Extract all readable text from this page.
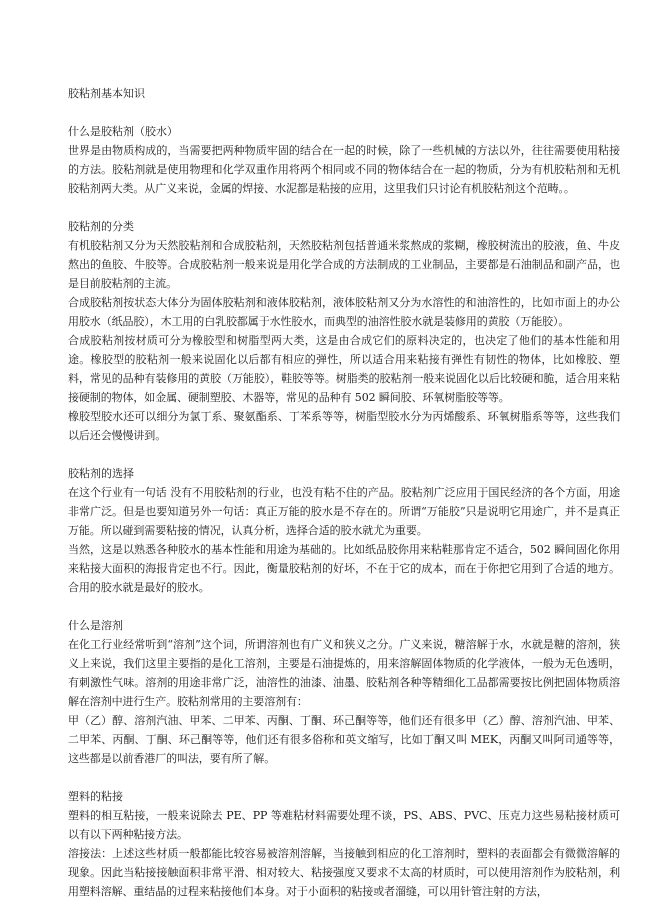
胶粘剂基本知识
什么是胶粘剂（胶水）

世界是由物质构成的，当需要把两种物质牢固的结合在一起的时候，除了一些机械的方法以外，往往需要使用粘接的方法。胶粘剂就是使用物理和化学双重作用将两个相同或不同的物体结合在一起的物质，分为有机胶粘剂和无机胶粘剂两大类。从广义来说，金属的焊接、水泥都是粘接的应用，这里我们只讨论有机胶粘剂这个范畴。。

胶粘剂的分类

有机胶粘剂又分为天然胶粘剂和合成胶粘剂，天然胶粘剂包括普通米浆熬成的浆糊，橡胶树流出的胶液，鱼、牛皮熬出的鱼胶、牛胶等。合成胶粘剂一般来说是用化学合成的方法制成的工业制品，主要都是石油制品和副产品，也是目前胶粘剂的主流。

合成胶粘剂按状态大体分为固体胶粘剂和液体胶粘剂，液体胶粘剂又分为水溶性的和油溶性的，比如市面上的办公用胶水（纸品胶），木工用的白乳胶都属于水性胶水，而典型的油溶性胶水就是装修用的黄胶（万能胶）。

合成胶粘剂按材质可分为橡胶型和树脂型两大类，这是由合成它们的原料决定的，也决定了他们的基本性能和用途。橡胶型的胶粘剂一般来说固化以后都有相应的弹性，所以适合用来粘接有弹性有韧性的物体，比如橡胶、塑料，常见的品种有装修用的黄胶（万能胶），鞋胶等等。树脂类的胶粘剂一般来说固化以后比较硬和脆，适合用来粘接硬制的物体，如金属、硬制塑胶、木器等，常见的品种有 502 瞬间胶、环氧树脂胶等等。

橡胶型胶水还可以细分为氯丁系、聚氨酯系、丁苯系等等，树脂型胶水分为丙烯酸系、环氧树脂系等等，这些我们以后还会慢慢讲到。

胶粘剂的选择

在这个行业有一句话 没有不用胶粘剂的行业，也没有粘不住的产品。胶粘剂广泛应用于国民经济的各个方面，用途非常广泛。但是也要知道另外一句话：真正万能的胶水是不存在的。所谓“万能胶”只是说明它用途广，并不是真正万能。所以碰到需要粘接的情况，认真分析，选择合适的胶水就尤为重要。

当然，这是以熟悉各种胶水的基本性能和用途为基础的。比如纸品胶你用来粘鞋那肯定不适合，502 瞬间固化你用来粘接大面积的海报肯定也不行。因此，衡量胶粘剂的好坏，不在于它的成本，而在于你把它用到了合适的地方。合用的胶水就是最好的胶水。

什么是溶剂

在化工行业经常听到“溶剂”这个词，所谓溶剂也有广义和狭义之分。广义来说，糖溶解于水，水就是糖的溶剂，狭义上来说，我们这里主要指的是化工溶剂，主要是石油提炼的，用来溶解固体物质的化学液体，一般为无色透明，有刺激性气味。溶剂的用途非常广泛，油溶性的油漆、油墨、胶粘剂各种等精细化工品都需要按比例把固体物质溶解在溶剂中进行生产。胶粘剂常用的主要溶剂有：

甲（乙）醇、溶剂汽油、甲苯、二甲苯、丙酮、丁酮、环己酮等等，他们还有很多甲（乙）醇、溶剂汽油、甲苯、二甲苯、丙酮、丁酮、环己酮等等，他们还有很多俗称和英文缩写，比如丁酮又叫 MEK，丙酮又叫阿司通等等，这些都是以前香港厂的叫法，要有所了解。

塑料的粘接

塑料的相互粘接，一般来说除去 PE、PP 等难粘材料需要处理不谈，PS、ABS、PVC、压克力这些易粘接材质可以有以下两种粘接方法。

溶接法：上述这些材质一般都能比较容易被溶剂溶解，当接触到相应的化工溶剂时，塑料的表面都会有微微溶解的现象。因此当粘接接触面积非常平滑、相对较大、粘接强度又要求不太高的材质时，可以使用溶剂作为胶粘剂，利用塑料溶解、重结晶的过程来粘接他们本身。对于小面积的粘接或者溜缝，可以用针管注射的方法，
